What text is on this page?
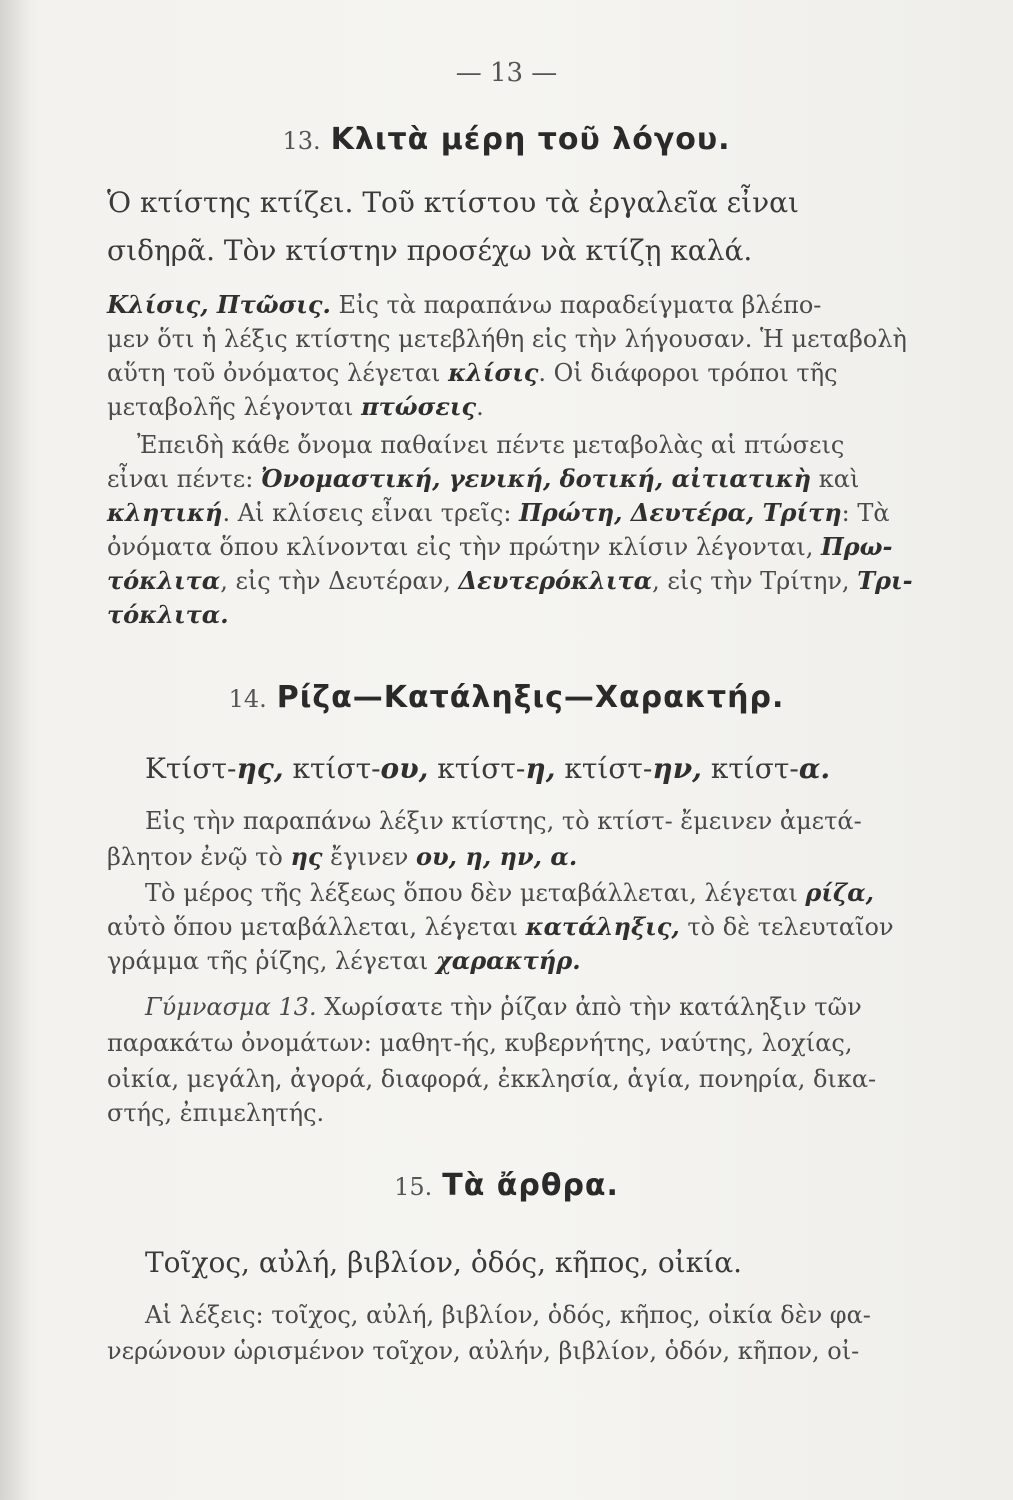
— 13 —
13. Κλιτὰ μέρη τοῦ λόγου.
Ὁ κτίστης κτίζει. Τοῦ κτίστου τὰ ἐργαλεῖα εἶναι
σιδηρᾶ. Τὸν κτίστην προσέχω νὰ κτίζῃ καλά.
Κλίσις, Πτῶσις. Εἰς τὰ παραπάνω παραδείγματα βλέπο-
μεν ὅτι ἡ λέξις κτίστης μετεβλήθη εἰς τὴν λήγουσαν. Ἡ μεταβολὴ
αὕτη τοῦ ὀνόματος λέγεται κλίσις. Οἱ διάφοροι τρόποι τῆς
μεταβολῆς λέγονται πτώσεις.
Ἐπειδὴ κάθε ὄνομα παθαίνει πέντε μεταβολὰς αἱ πτώσεις
εἶναι πέντε: Ὀνομαστική, γενική, δοτική, αἰτιατικὴ καὶ
κλητική. Αἱ κλίσεις εἶναι τρεῖς: Πρώτη, Δευτέρα, Τρίτη: Τὰ
ὀνόματα ὅπου κλίνονται εἰς τὴν πρώτην κλίσιν λέγονται, Πρω-
τόκλιτα, εἰς τὴν Δευτέραν, Δευτερόκλιτα, εἰς τὴν Τρίτην, Τρι-
τόκλιτα.
14. Ρίζα—Κατάληξις—Χαρακτήρ.
Κτίστ-ης, κτίστ-ου, κτίστ-η, κτίστ-ην, κτίστ-α.
Εἰς τὴν παραπάνω λέξιν κτίστης, τὸ κτίστ- ἔμεινεν ἀμετά-
βλητον ἐνῷ τὸ ης ἔγινεν ου, η, ην, α.
Τὸ μέρος τῆς λέξεως ὅπου δὲν μεταβάλλεται, λέγεται ρίζα,
αὐτὸ ὅπου μεταβάλλεται, λέγεται κατάληξις, τὸ δὲ τελευταῖον
γράμμα τῆς ῥίζης, λέγεται χαρακτήρ.
Γύμνασμα 13. Χωρίσατε τὴν ῥίζαν ἀπὸ τὴν κατάληξιν τῶν
παρακάτω ὀνομάτων: μαθητ-ής, κυβερνήτης, ναύτης, λοχίας,
οἰκία, μεγάλη, ἀγορά, διαφορά, ἐκκλησία, ἁγία, πονηρία, δικα-
στής, ἐπιμελητής.
15. Τὰ ἄρθρα.
Τοῖχος, αὐλή, βιβλίον, ὁδός, κῆπος, οἰκία.
Αἱ λέξεις: τοῖχος, αὐλή, βιβλίον, ὁδός, κῆπος, οἰκία δὲν φα-
νερώνουν ὡρισμένον τοῖχον, αὐλήν, βιβλίον, ὁδόν, κῆπον, οἰ-
